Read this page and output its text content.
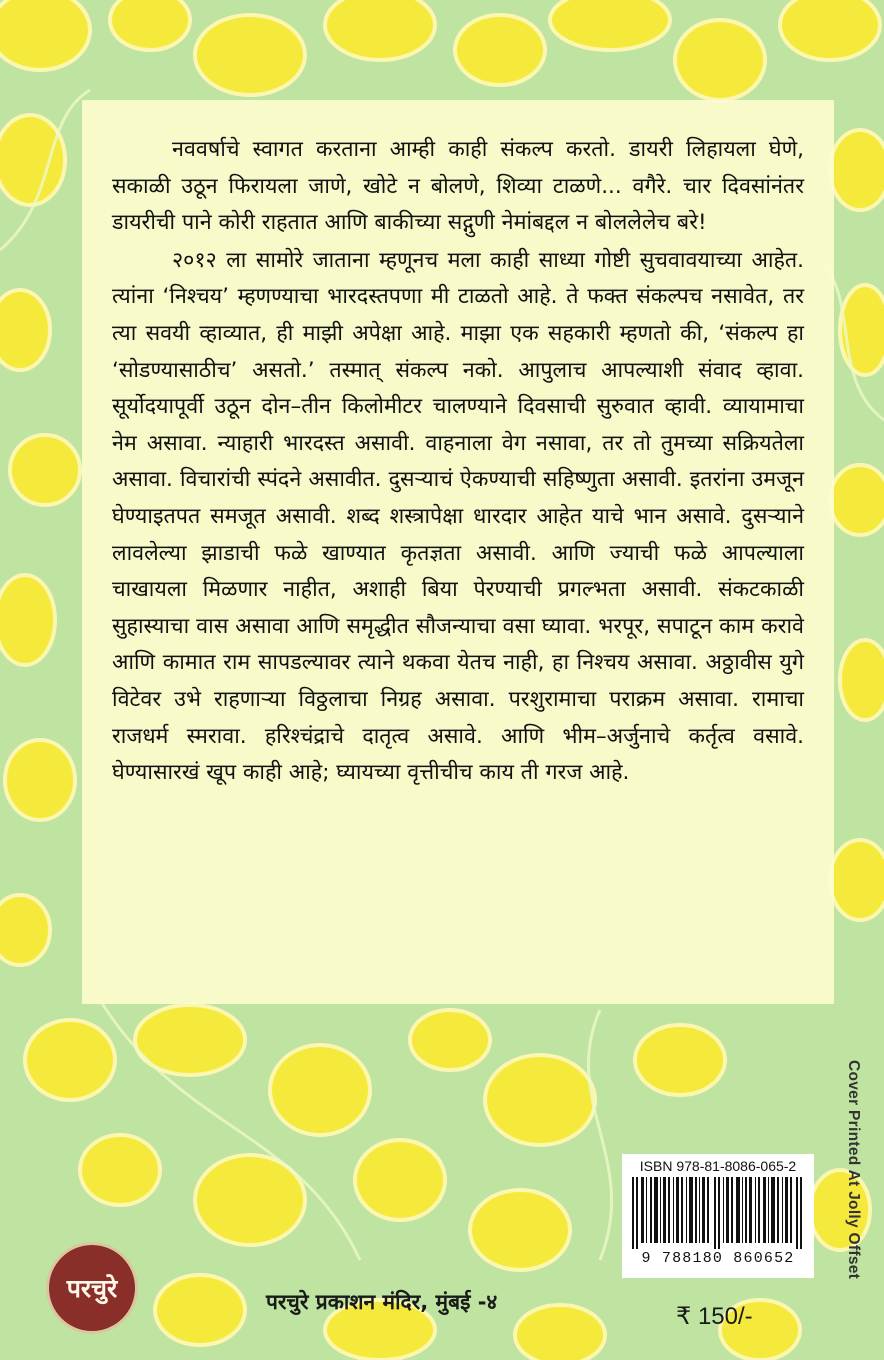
नववर्षाचे स्वागत करताना आम्ही काही संकल्प करतो. डायरी लिहायला घेणे, सकाळी उठून फिरायला जाणे, खोटे न बोलणे, शिव्या टाळणे... वगैरे. चार दिवसांनंतर डायरीची पाने कोरी राहतात आणि बाकीच्या सद्गुणी नेमांबद्दल न बोललेलेच बरे!

२०१२ ला सामोरे जाताना म्हणूनच मला काही साध्या गोष्टी सुचवावयाच्या आहेत. त्यांना ‘निश्चय’ म्हणण्याचा भारदस्तपणा मी टाळतो आहे. ते फक्त संकल्पच नसावेत, तर त्या सवयी व्हाव्यात, ही माझी अपेक्षा आहे. माझा एक सहकारी म्हणतो की, ‘संकल्प हा ‘सोडण्यासाठीच’ असतो.’ तस्मात् संकल्प नको. आपुलाच आपल्याशी संवाद व्हावा. सूर्योदयापूर्वी उठून दोन–तीन किलोमीटर चालण्याने दिवसाची सुरुवात व्हावी. व्यायामाचा नेम असावा. न्याहारी भारदस्त असावी. वाहनाला वेग नसावा, तर तो तुमच्या सक्रियतेला असावा. विचारांची स्पंदने असावीत. दुसऱ्याचं ऐकण्याची सहिष्णुता असावी. इतरांना उमजून घेण्याइतपत समजूत असावी. शब्द शस्त्रापेक्षा धारदार आहेत याचे भान असावे. दुसऱ्याने लावलेल्या झाडाची फळे खाण्यात कृतज्ञता असावी. आणि ज्याची फळे आपल्याला चाखायला मिळणार नाहीत, अशाही बिया पेरण्याची प्रगल्भता असावी. संकटकाळी सुहास्याचा वास असावा आणि समृद्धीत सौजन्याचा वसा घ्यावा. भरपूर, सपाटून काम करावे आणि कामात राम सापडल्यावर त्याने थकवा येतच नाही, हा निश्चय असावा. अठ्ठावीस युगे विटेवर उभे राहणाऱ्या विठ्ठलाचा निग्रह असावा. परशुरामाचा पराक्रम असावा. रामाचा राजधर्म स्मरावा. हरिश्चंद्राचे दातृत्व असावे. आणि भीम–अर्जुनाचे कर्तृत्व वसावे. घेण्यासारखं खूप काही आहे; घ्यायच्या वृत्तीचीच काय ती गरज आहे.

Cover Printed At Jolly Offset
ISBN 978-81-8086-065-2
9 788180 860652
परचुरे	परचुरे प्रकाशन मंदिर, मुंबई -४
₹ 150/-
